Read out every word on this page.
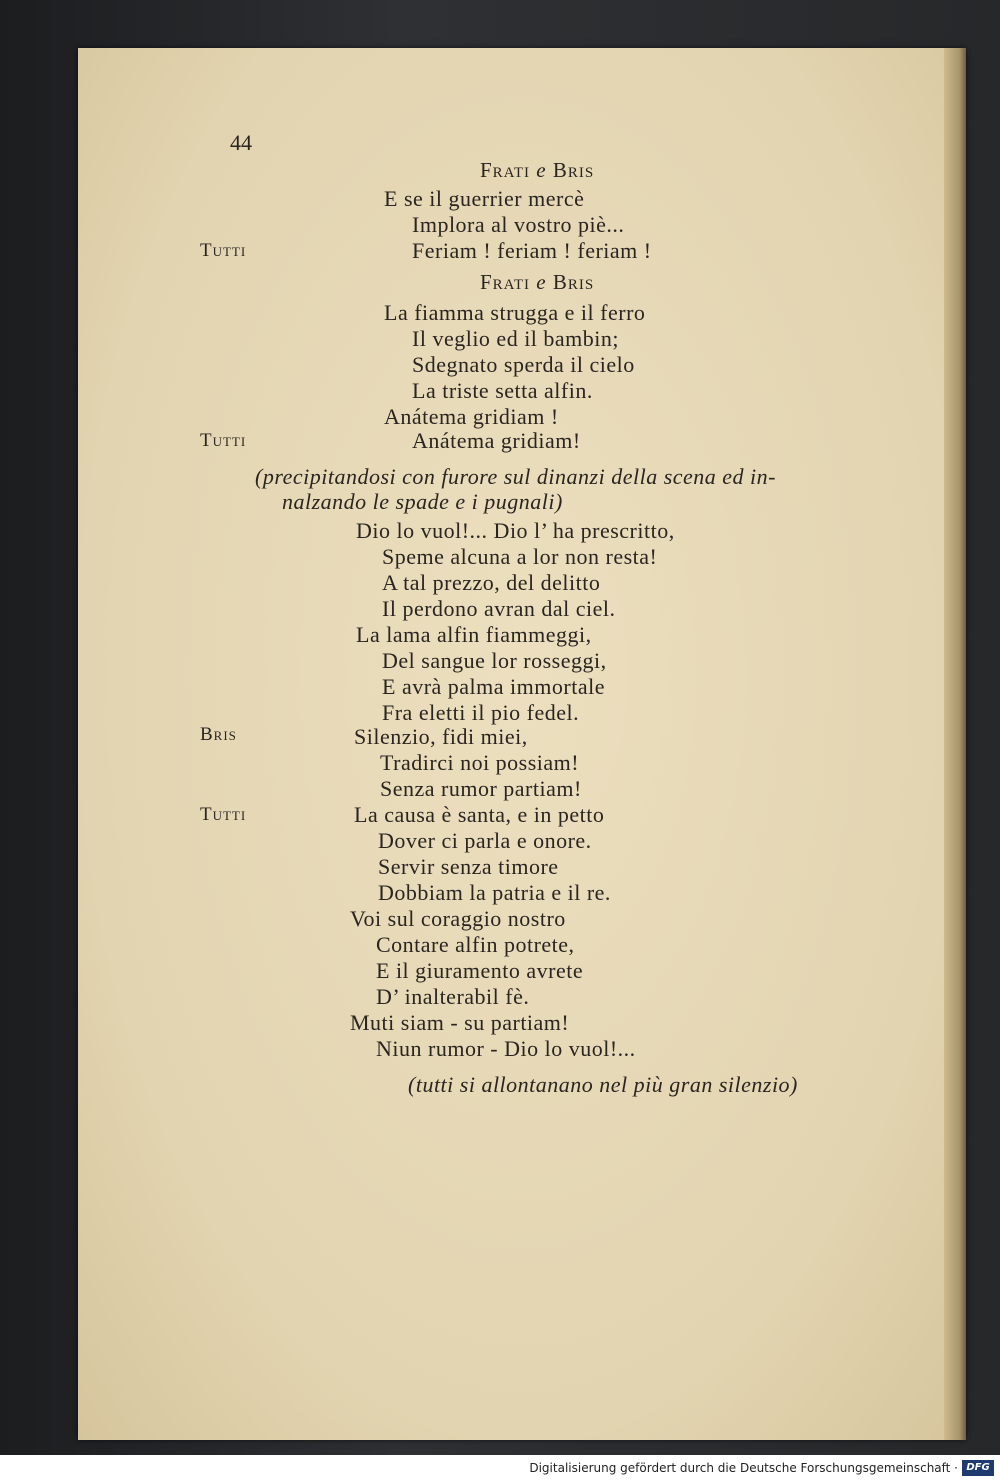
44
Frati e Bris
E se il guerrier mercè
Implora al vostro piè...
Tutti	Feriam ! feriam ! feriam !
Frati e Bris
La fiamma strugga e il ferro
Il veglio ed il bambin;
Sdegnato sperda il cielo
La triste setta alfin.
Anátema gridiam !
Tutti	Anátema gridiam!
(precipitandosi con furore sul dinanzi della scena ed in-
nalzando le spade e i pugnali)
Dio lo vuol!... Dio l’ ha prescritto,
Speme alcuna a lor non resta!
A tal prezzo, del delitto
Il perdono avran dal ciel.
La lama alfin fiammeggi,
Del sangue lor rosseggi,
E avrà palma immortale
Fra eletti il pio fedel.
Bris	Silenzio, fidi miei,
Tradirci noi possiam!
Senza rumor partiam!
Tutti	La causa è santa, e in petto
Dover ci parla e onore.
Servir senza timore
Dobbiam la patria e il re.
Voi sul coraggio nostro
Contare alfin potrete,
E il giuramento avrete
D’ inalterabil fè.
Muti siam - su partiam!
Niun rumor - Dio lo vuol!...
(tutti si allontanano nel più gran silenzio)
Digitalisierung gefördert durch die Deutsche Forschungsgemeinschaft · DFG
